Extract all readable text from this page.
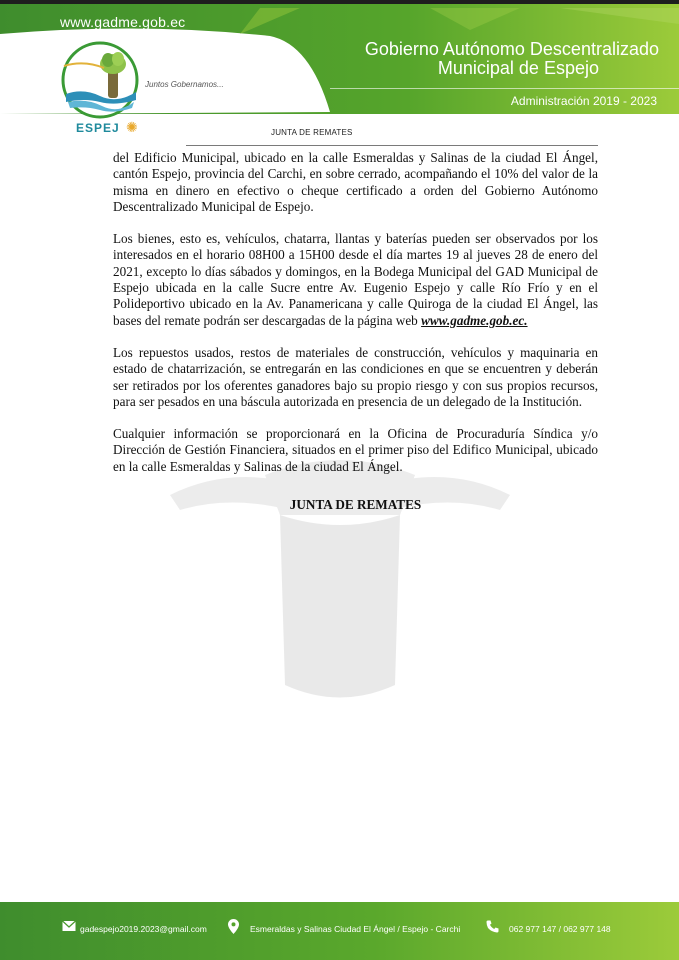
www.gadme.gob.ec
Gobierno Autónomo Descentralizado

Municipal de Espejo
Administración 2019 - 2023
Juntos Gobernamos...
ESPEJ ✺	JUNTA DE REMATES

del Edificio Municipal, ubicado en la calle Esmeraldas y Salinas de la ciudad El Ángel, cantón Espejo, provincia del Carchi, en sobre cerrado, acompañando el 10% del valor de la misma en dinero en efectivo o cheque certificado a orden del Gobierno Autónomo Descentralizado Municipal de Espejo.

Los bienes, esto es, vehículos, chatarra, llantas y baterías pueden ser observados por los interesados en el horario 08H00 a 15H00 desde el día martes 19 al jueves 28 de enero del 2021, excepto lo días sábados y domingos, en la Bodega Municipal del GAD Municipal de Espejo ubicada en la calle Sucre entre Av. Eugenio Espejo y calle Río Frío y en el Polideportivo ubicado en la Av. Panamericana y calle Quiroga de la ciudad El Ángel, las bases del remate podrán ser descargadas de la página web www.gadme.gob.ec.

Los repuestos usados, restos de materiales de construcción, vehículos y maquinaria en estado de chatarrización, se entregarán en las condiciones en que se encuentren y deberán ser retirados por los oferentes ganadores bajo su propio riesgo y con sus propios recursos, para ser pesados en una báscula autorizada en presencia de un delegado de la Institución.

Cualquier información se proporcionará en la Oficina de Procuraduría Síndica y/o Dirección de Gestión Financiera, situados en el primer piso del Edifico Municipal, ubicado en la calle Esmeraldas y Salinas de la ciudad El Ángel.

JUNTA DE REMATES
gadespejo2019.2023@gmail.com	Esmeraldas y Salinas Ciudad El Ángel / Espejo - Carchi	062 977 147 / 062 977 148
